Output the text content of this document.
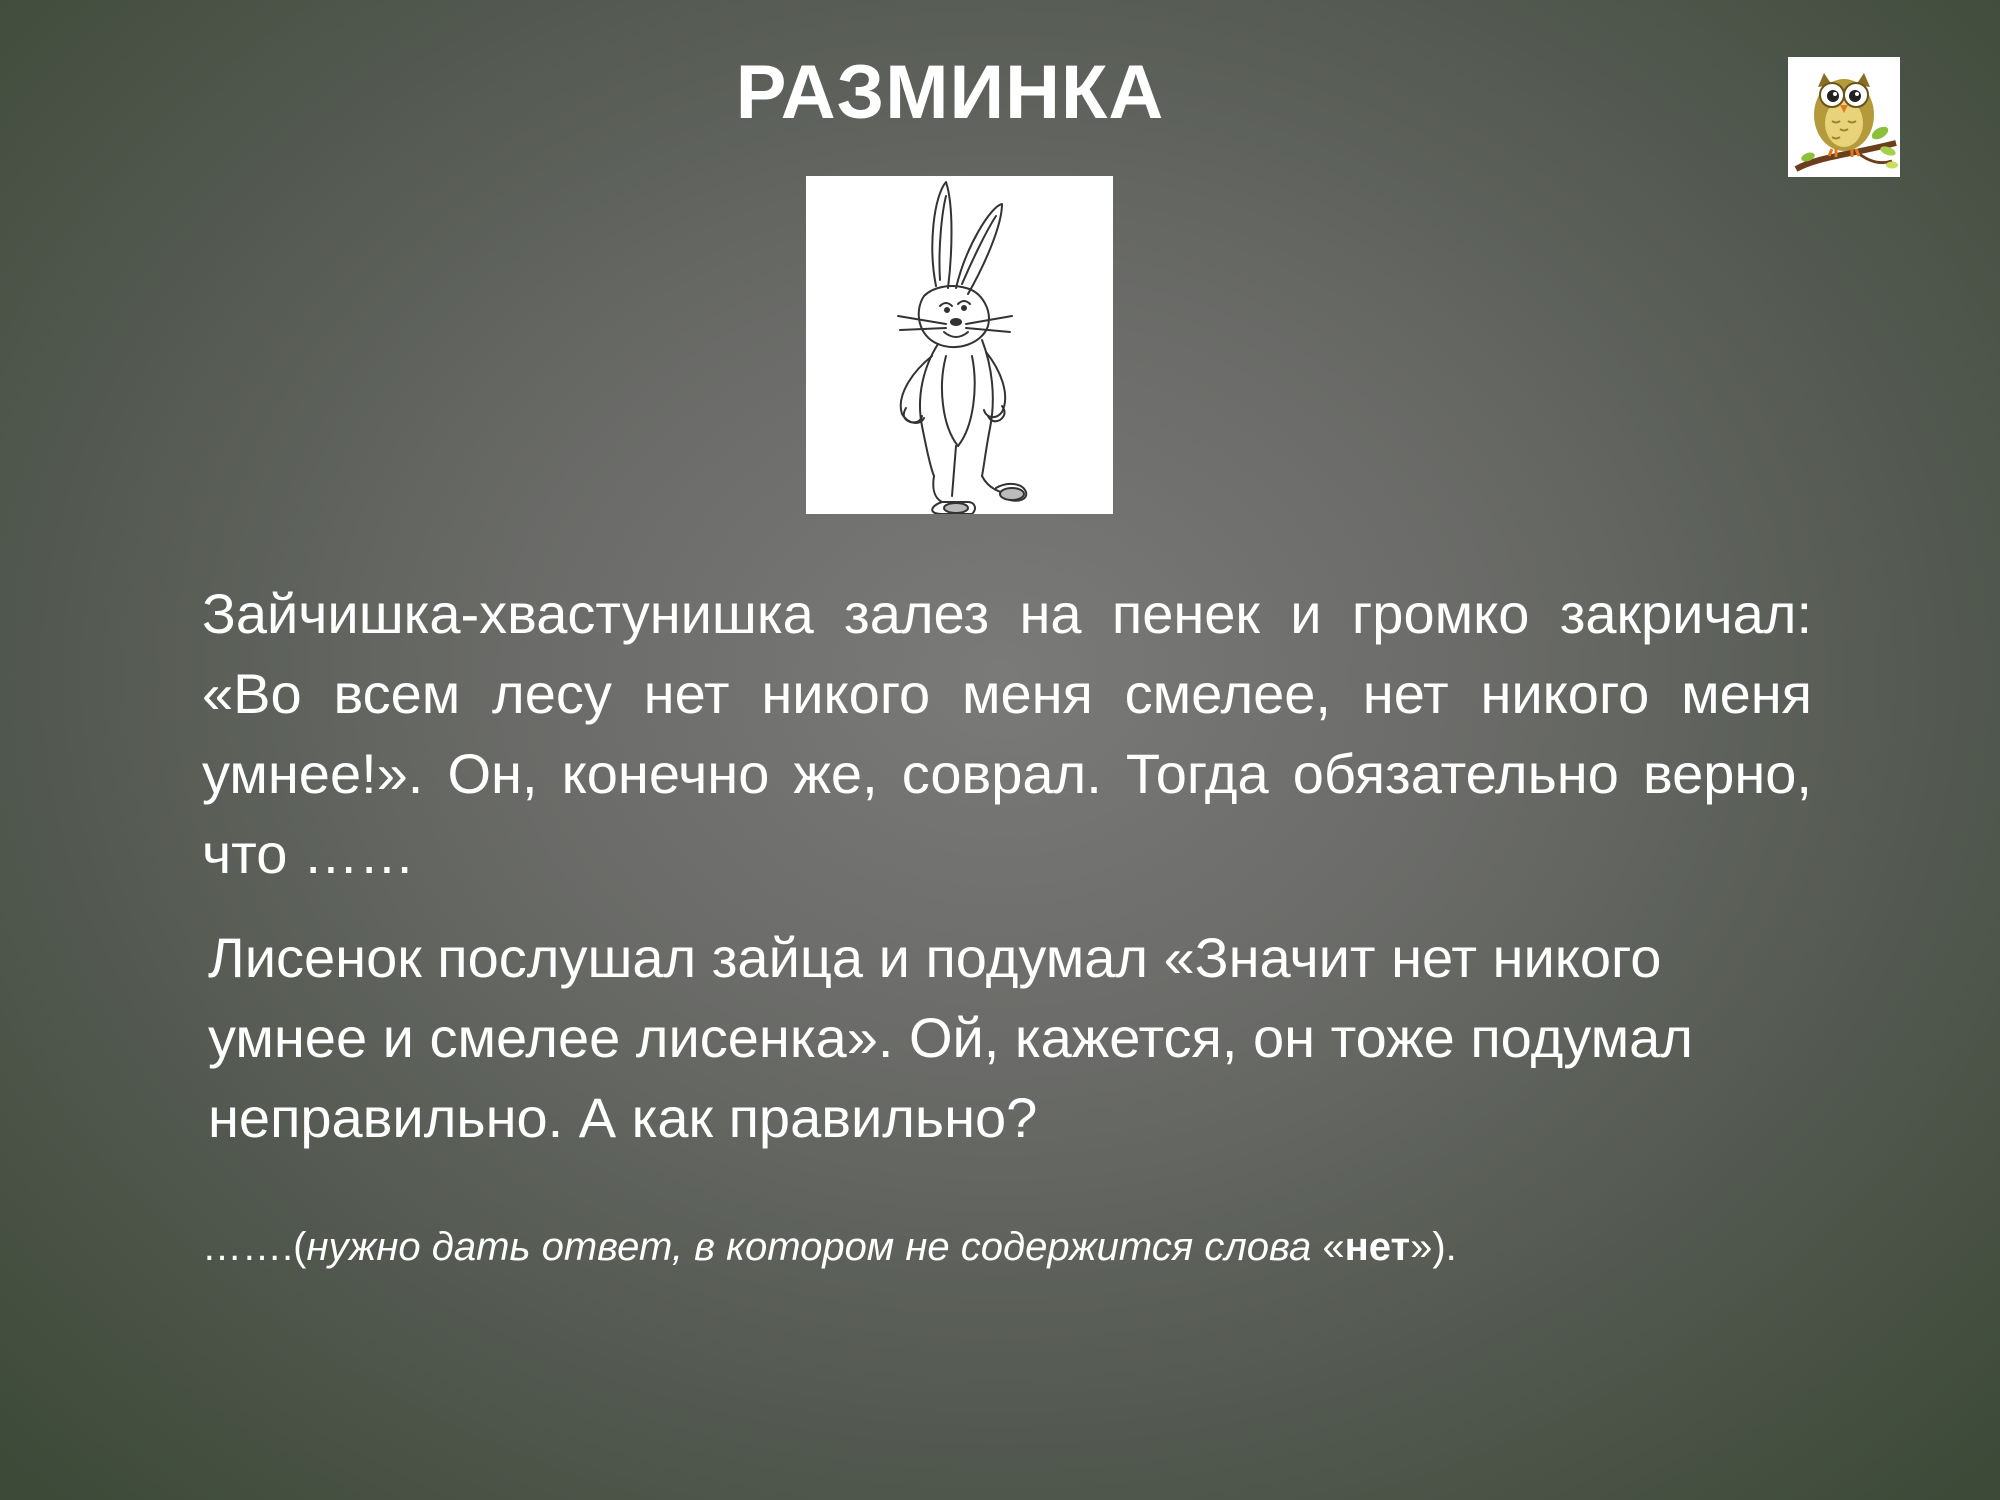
РАЗМИНКА

Зайчишка-хвастунишка залез на пенек и громко закричал: «Во всем лесу нет никого меня смелее, нет никого меня умнее!». Он, конечно же, соврал. Тогда обязательно верно, что ……

Лисенок послушал зайца и подумал «Значит нет никого умнее и смелее лисенка». Ой, кажется, он тоже подумал неправильно. А как правильно?

…….(нужно дать ответ, в котором не содержится слова «нет»).
